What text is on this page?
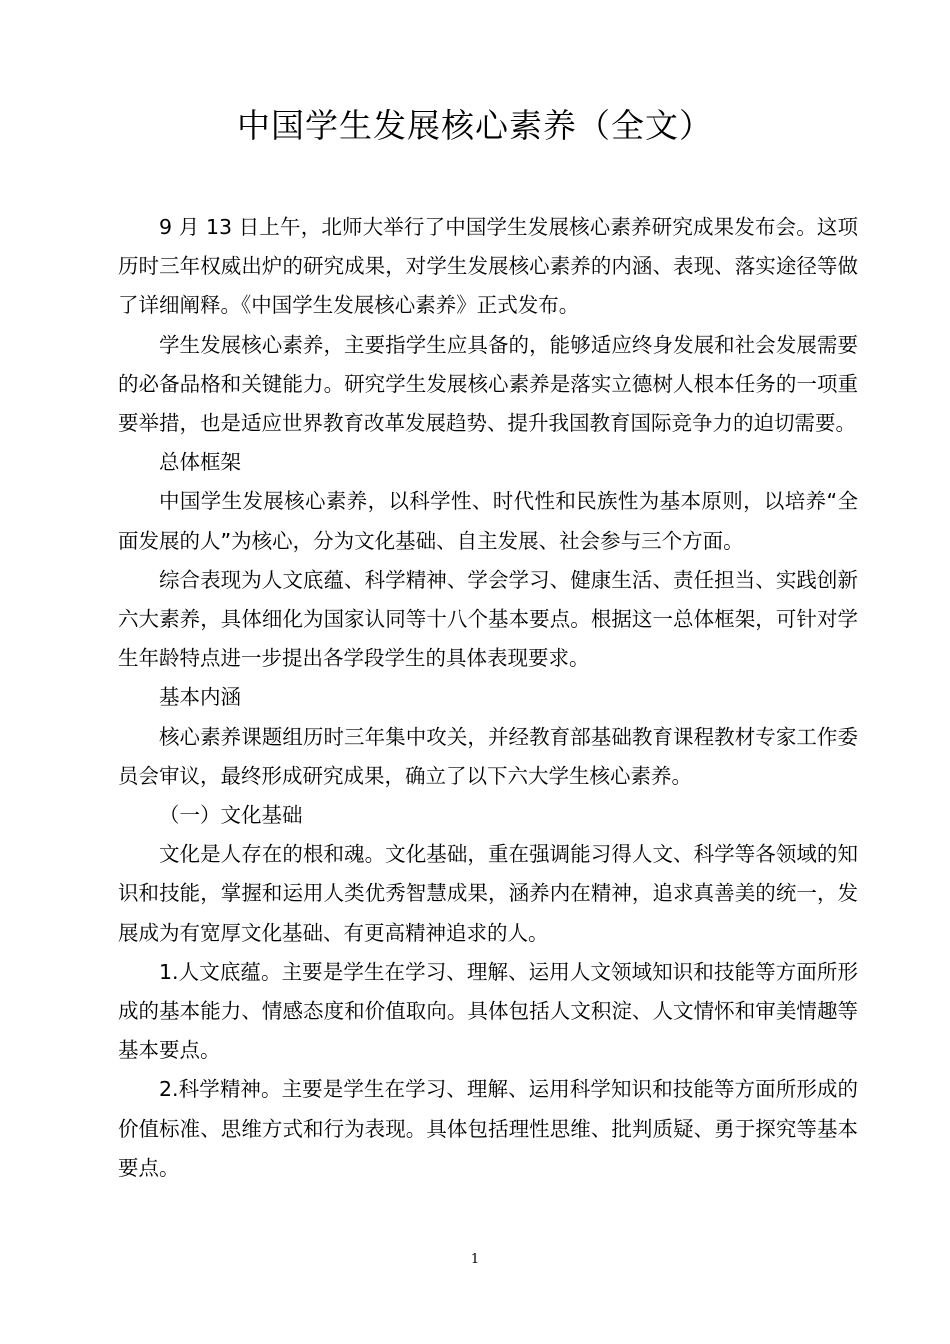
中国学生发展核心素养（全文）

9 月 13 日上午，北师大举行了中国学生发展核心素养研究成果发布会。这项历时三年权威出炉的研究成果，对学生发展核心素养的内涵、表现、落实途径等做了详细阐释。《中国学生发展核心素养》正式发布。

学生发展核心素养，主要指学生应具备的，能够适应终身发展和社会发展需要的必备品格和关键能力。研究学生发展核心素养是落实立德树人根本任务的一项重要举措，也是适应世界教育改革发展趋势、提升我国教育国际竞争力的迫切需要。

总体框架

中国学生发展核心素养，以科学性、时代性和民族性为基本原则，以培养“全面发展的人”为核心，分为文化基础、自主发展、社会参与三个方面。

综合表现为人文底蕴、科学精神、学会学习、健康生活、责任担当、实践创新六大素养，具体细化为国家认同等十八个基本要点。根据这一总体框架，可针对学生年龄特点进一步提出各学段学生的具体表现要求。

基本内涵

核心素养课题组历时三年集中攻关，并经教育部基础教育课程教材专家工作委员会审议，最终形成研究成果，确立了以下六大学生核心素养。

（一）文化基础

文化是人存在的根和魂。文化基础，重在强调能习得人文、科学等各领域的知识和技能，掌握和运用人类优秀智慧成果，涵养内在精神，追求真善美的统一，发展成为有宽厚文化基础、有更高精神追求的人。

1.人文底蕴。主要是学生在学习、理解、运用人文领域知识和技能等方面所形成的基本能力、情感态度和价值取向。具体包括人文积淀、人文情怀和审美情趣等基本要点。

2.科学精神。主要是学生在学习、理解、运用科学知识和技能等方面所形成的价值标准、思维方式和行为表现。具体包括理性思维、批判质疑、勇于探究等基本要点。

1
